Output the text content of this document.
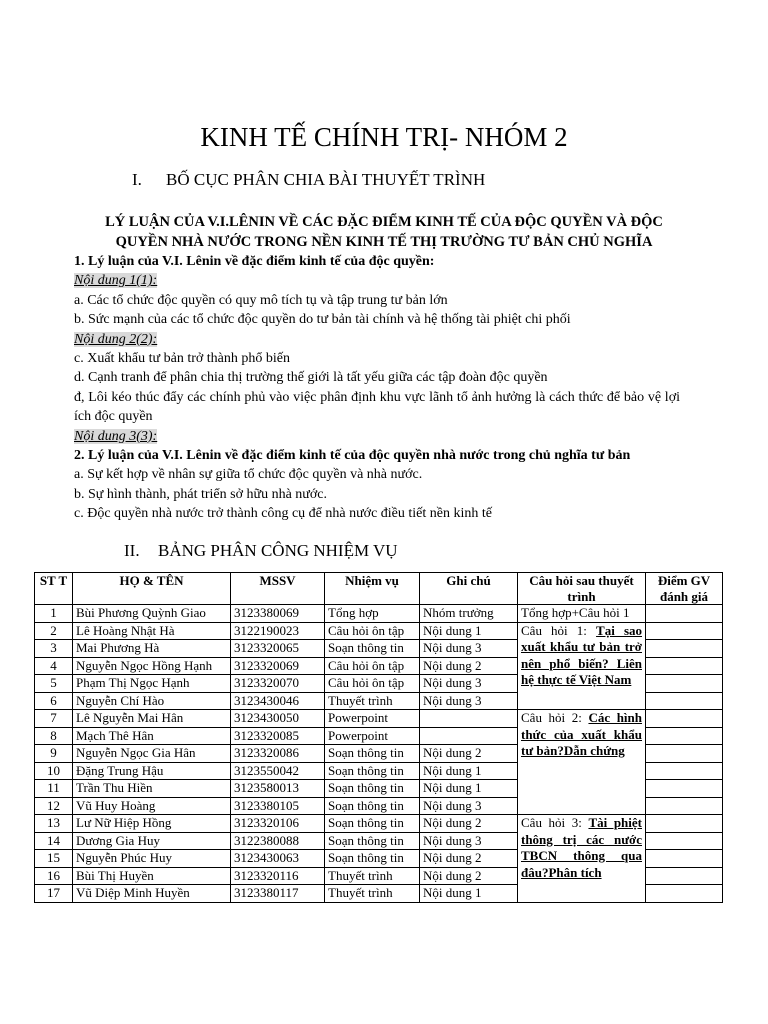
KINH TẾ CHÍNH TRỊ- NHÓM 2
I. BỐ CỤC PHÂN CHIA BÀI THUYẾT TRÌNH
LÝ LUẬN CỦA V.I.LÊNIN VỀ CÁC ĐẶC ĐIỂM KINH TẾ CỦA ĐỘC QUYỀN VÀ ĐỘC
QUYỀN NHÀ NƯỚC TRONG NỀN KINH TẾ THỊ TRƯỜNG TƯ BẢN CHỦ NGHĨA
1. Lý luận của V.I. Lênin về đặc điểm kinh tế của độc quyền:
Nội dung 1(1):
a. Các tổ chức độc quyền có quy mô tích tụ và tập trung tư bản lớn
b. Sức mạnh của các tổ chức độc quyền do tư bản tài chính và hệ thống tài phiệt chi phối
Nội dung 2(2):
c. Xuất khẩu tư bản trở thành phổ biến
d. Cạnh tranh để phân chia thị trường thế giới là tất yếu giữa các tập đoàn độc quyền
đ, Lôi kéo thúc đẩy các chính phủ vào việc phân định khu vực lãnh tổ ảnh hưởng là cách thức để bảo vệ lợi ích độc quyền
Nội dung 3(3):
2. Lý luận của V.I. Lênin về đặc điểm kinh tế của độc quyền nhà nước trong chủ nghĩa tư bản
a. Sự kết hợp về nhân sự giữa tổ chức độc quyền và nhà nước.
b. Sự hình thành, phát triển sở hữu nhà nước.
c. Độc quyền nhà nước trở thành công cụ để nhà nước điều tiết nền kinh tế
II. BẢNG PHÂN CÔNG NHIỆM VỤ
ST T	HỌ & TÊN	MSSV	Nhiệm vụ	Ghi chú	Câu hỏi sau thuyết trình	Điểm GV đánh giá	
1	Bùi Phương Quỳnh Giao	3123380069	Tổng hợp	Nhóm trưởng	Tổng hợp+Câu hỏi 1		
2	Lê Hoàng Nhật Hà	3122190023	Câu hỏi ôn tập	Nội dung 1	Câu hỏi 1: Tại sao xuất khẩu tư bản trở nên phổ biến? Liên hệ thực tế Việt Nam		
3	Mai Phương Hà	3123320065	Soạn thông tin	Nội dung 3			
4	Nguyễn Ngọc Hồng Hạnh	3123320069	Câu hỏi ôn tập	Nội dung 2			
5	Phạm Thị Ngọc Hạnh	3123320070	Câu hỏi ôn tập	Nội dung 3			
6	Nguyễn Chí Hào	3123430046	Thuyết trình	Nội dung 3			
7	Lê Nguyễn Mai Hân	3123430050	Powerpoint		Câu hỏi 2: Các hình thức của xuất khẩu tư bản?Dẫn chứng		
8	Mạch Thê Hân	3123320085	Powerpoint				
9	Nguyễn Ngọc Gia Hân	3123320086	Soạn thông tin	Nội dung 2			
10	Đặng Trung Hậu	3123550042	Soạn thông tin	Nội dung 1			
11	Trần Thu Hiền	3123580013	Soạn thông tin	Nội dung 1			
12	Vũ Huy Hoàng	3123380105	Soạn thông tin	Nội dung 3			
13	Lư Nữ Hiệp Hồng	3123320106	Soạn thông tin	Nội dung 2	Câu hỏi 3: Tài phiệt thông trị các nước TBCN thông qua đâu?Phân tích		
14	Dương Gia Huy	3122380088	Soạn thông tin	Nội dung 3			
15	Nguyễn Phúc Huy	3123430063	Soạn thông tin	Nội dung 2			
16	Bùi Thị Huyền	3123320116	Thuyết trình	Nội dung 2			
17	Vũ Diệp Minh Huyền	3123380117	Thuyết trình	Nội dung 1			
